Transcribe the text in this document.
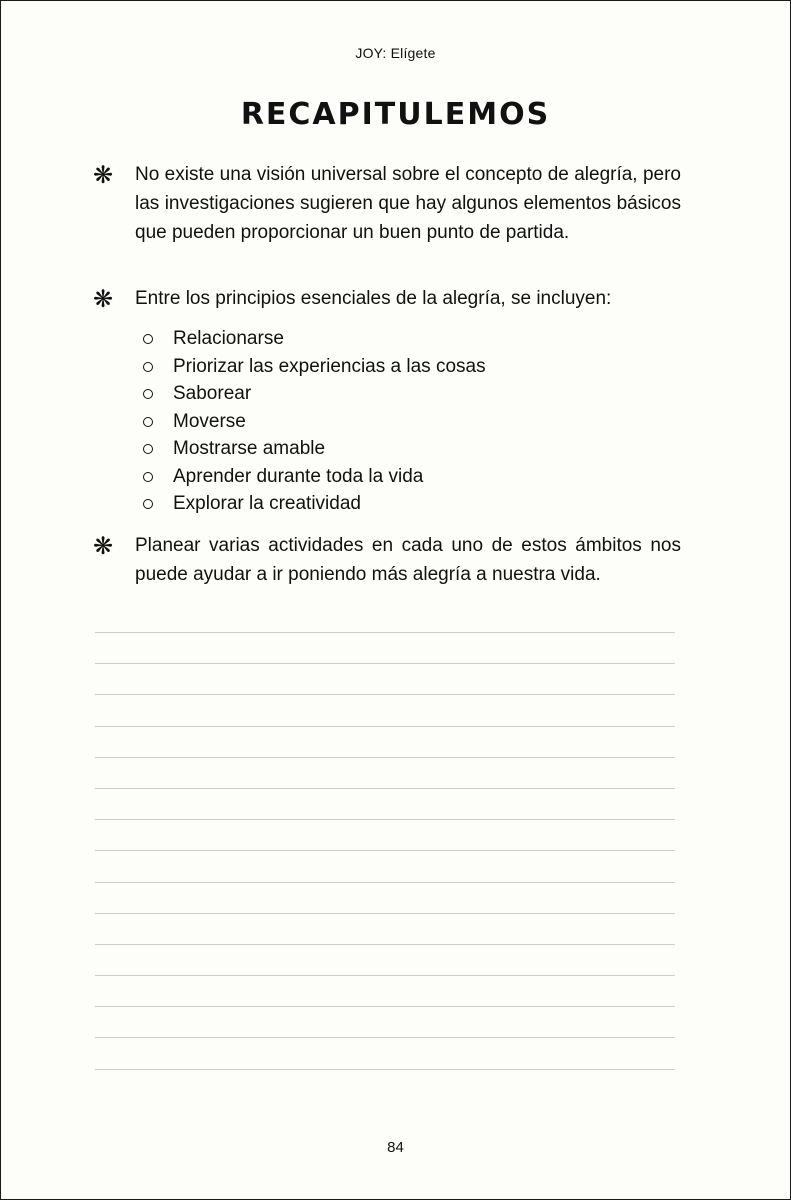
JOY: Elígete
RECAPITULEMOS
❋ No existe una visión universal sobre el concepto de alegría, pero las investigaciones sugieren que hay algunos elementos básicos que pueden proporcionar un buen punto de partida.
❋ Entre los principios esenciales de la alegría, se incluyen:
Relacionarse
Priorizar las experiencias a las cosas
Saborear
Moverse
Mostrarse amable
Aprender durante toda la vida
Explorar la creatividad
❋ Planear varias actividades en cada uno de estos ámbitos nos puede ayudar a ir poniendo más alegría a nuestra vida.
84
